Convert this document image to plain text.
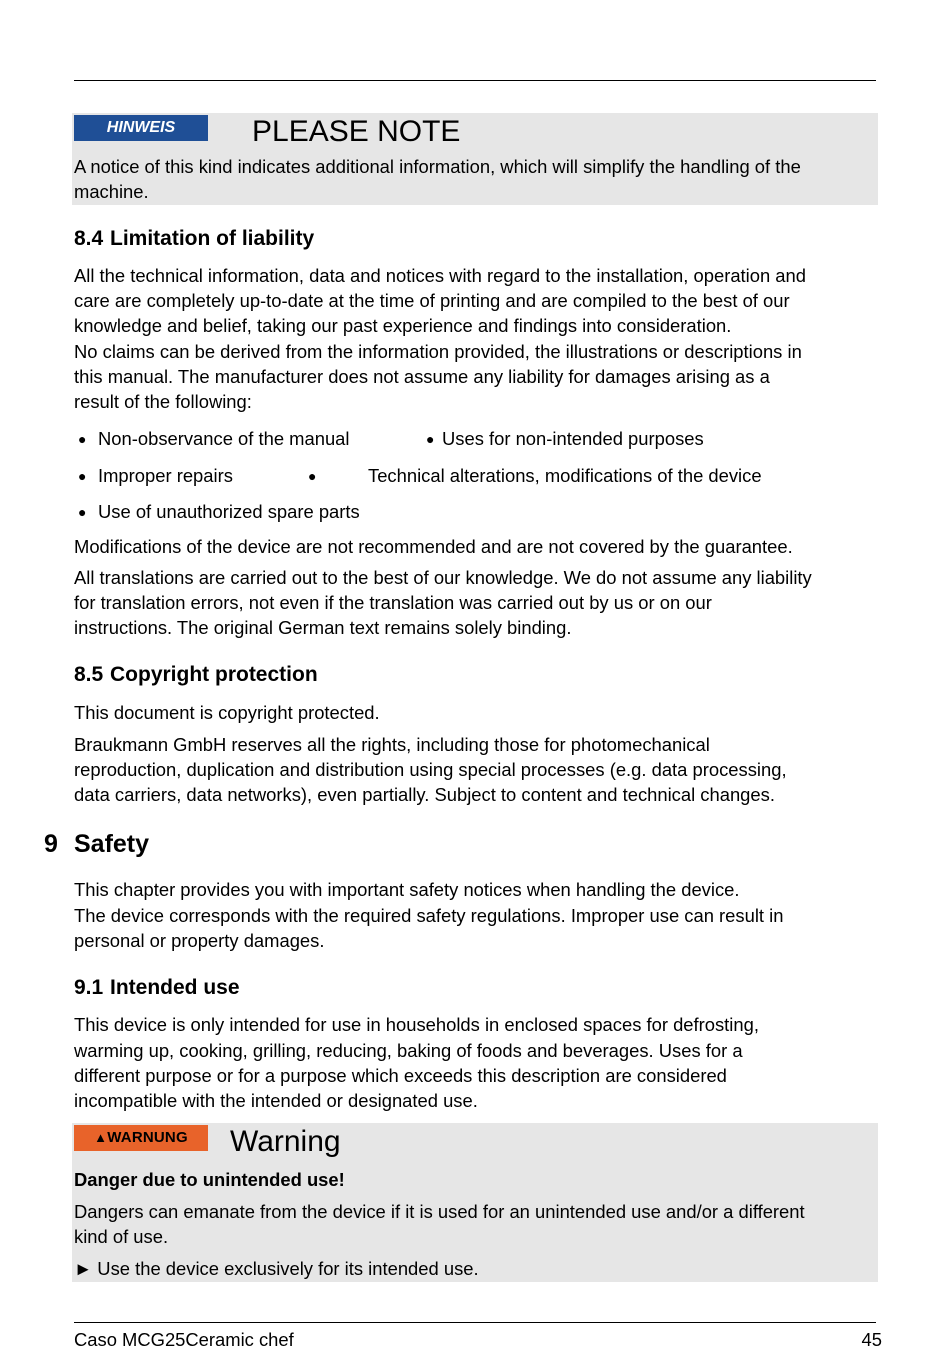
HINWEIS	PLEASE NOTE
A notice of this kind indicates additional information, which will simplify the handling of the
machine.
8.4 Limitation of liability
All the technical information, data and notices with regard to the installation, operation and
care are completely up-to-date at the time of printing and are compiled to the best of our
knowledge and belief, taking our past experience and findings into consideration.
No claims can be derived from the information provided, the illustrations or descriptions in
this manual. The manufacturer does not assume any liability for damages arising as a
result of the following:
● Non-observance of the manual	● Uses for non-intended purposes
● Improper repairs	●	Technical alterations, modifications of the device
● Use of unauthorized spare parts
Modifications of the device are not recommended and are not covered by the guarantee.
All translations are carried out to the best of our knowledge. We do not assume any liability
for translation errors, not even if the translation was carried out by us or on our
instructions. The original German text remains solely binding.
8.5 Copyright protection
This document is copyright protected.
Braukmann GmbH reserves all the rights, including those for photomechanical
reproduction, duplication and distribution using special processes (e.g. data processing,
data carriers, data networks), even partially. Subject to content and technical changes.
9 Safety
This chapter provides you with important safety notices when handling the device.
The device corresponds with the required safety regulations. Improper use can result in
personal or property damages.
9.1 Intended use
This device is only intended for use in households in enclosed spaces for defrosting,
warming up, cooking, grilling, reducing, baking of foods and beverages. Uses for a
different purpose or for a purpose which exceeds this description are considered
incompatible with the intended or designated use.
▲WARNUNG	Warning
Danger due to unintended use!
Dangers can emanate from the device if it is used for an unintended use and/or a different
kind of use.
► Use the device exclusively for its intended use.
Caso MCG25Ceramic chef	45
